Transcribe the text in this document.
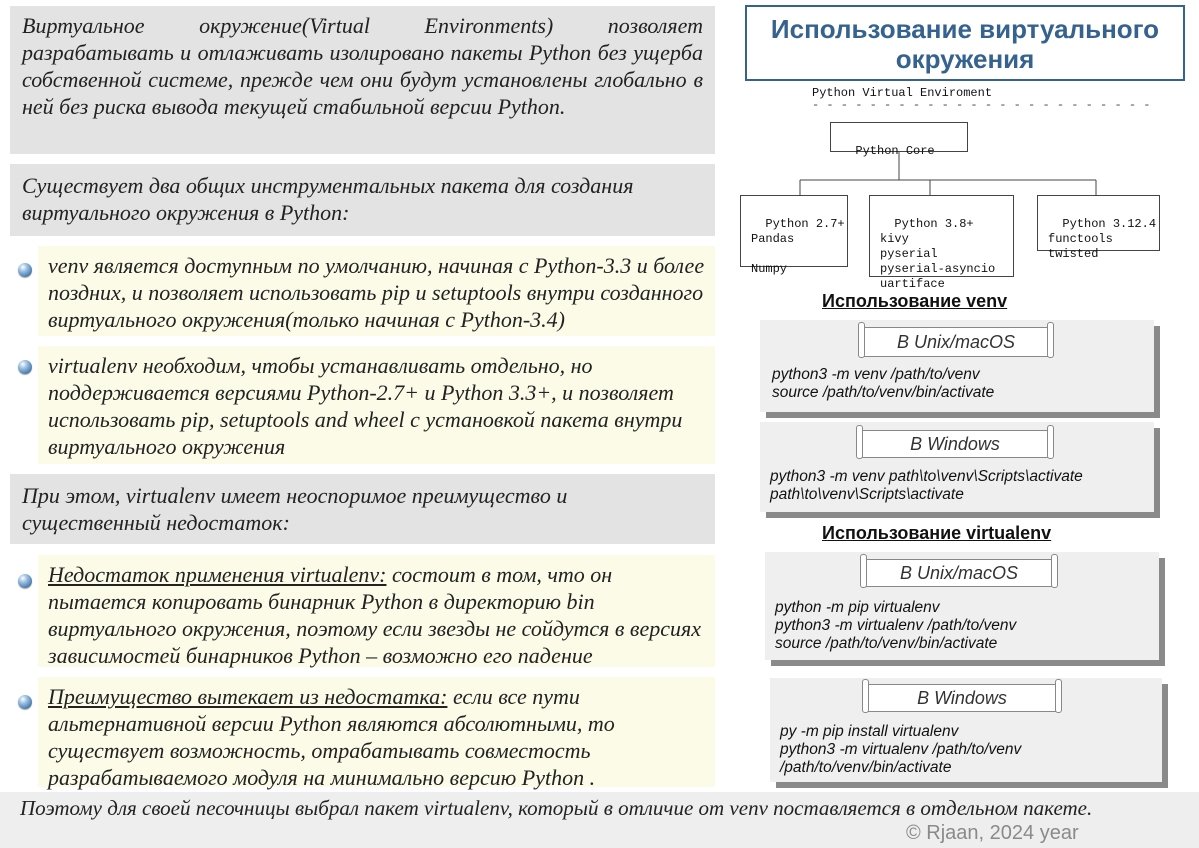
Виртуальное окружение(Virtual Environments) позволяет разрабатывать и отлаживать изолировано пакеты Python без ущерба собственной системе, прежде чем они будут установлены глобально в ней без риска вывода текущей стабильной версии Python.
Существует два общих инструментальных пакета для создания виртуального окружения в Python:
venv является доступным по умолчанию, начиная с Python-3.3 и более поздних, и позволяет использовать pip и setuptools внутри созданного виртуального окружения(только начиная с Python-3.4)
virtualenv необходим, чтобы устанавливать отдельно, но поддерживается версиями Python-2.7+ и Python 3.3+, и позволяет использовать pip, setuptools and wheel с установкой пакета внутри виртуального окружения
При этом, virtualenv имеет неоспоримое преимущество и существенный недостаток:
Недостаток применения virtualenv: состоит в том, что он пытается копировать бинарник Python в директорию bin виртуального окружения, поэтому если звезды не сойдутся в версиях зависимостей бинарников Python – возможно его падение
Преимущество вытекает из недостатка: если все пути альтернативной версии Python являются абсолютными, то существует возможность, отрабатывать совместость разрабатываемого модуля на минимально версию Python .
Поэтому для своей песочницы выбрал пакет virtualenv, который в отличие от venv поставляется в отдельном пакете.
© Rjaan, 2024 year
Использование виртуального окружения
Python Virtual Enviroment
- - - - - - - - - - - - - - - - - - - - - - - -

Python Core

Python 2.7+
Pandas

Numpy

Python 3.8+
kivy
pyserial
pyserial-asyncio
uartiface

Python 3.12.4
functools
twisted

Использование venv
B Unix/macOS
python3 -m venv /path/to/venv
source /path/to/venv/bin/activate
B Windows
python3 -m venv path\to\venv\Scripts\activate
path\to\venv\Scripts\activate
Использование virtualenv
B Unix/macOS
python -m pip virtualenv
python3 -m virtualenv /path/to/venv
source /path/to/venv/bin/activate
B Windows
py -m pip install virtualenv
python3 -m virtualenv /path/to/venv
/path/to/venv/bin/activate
